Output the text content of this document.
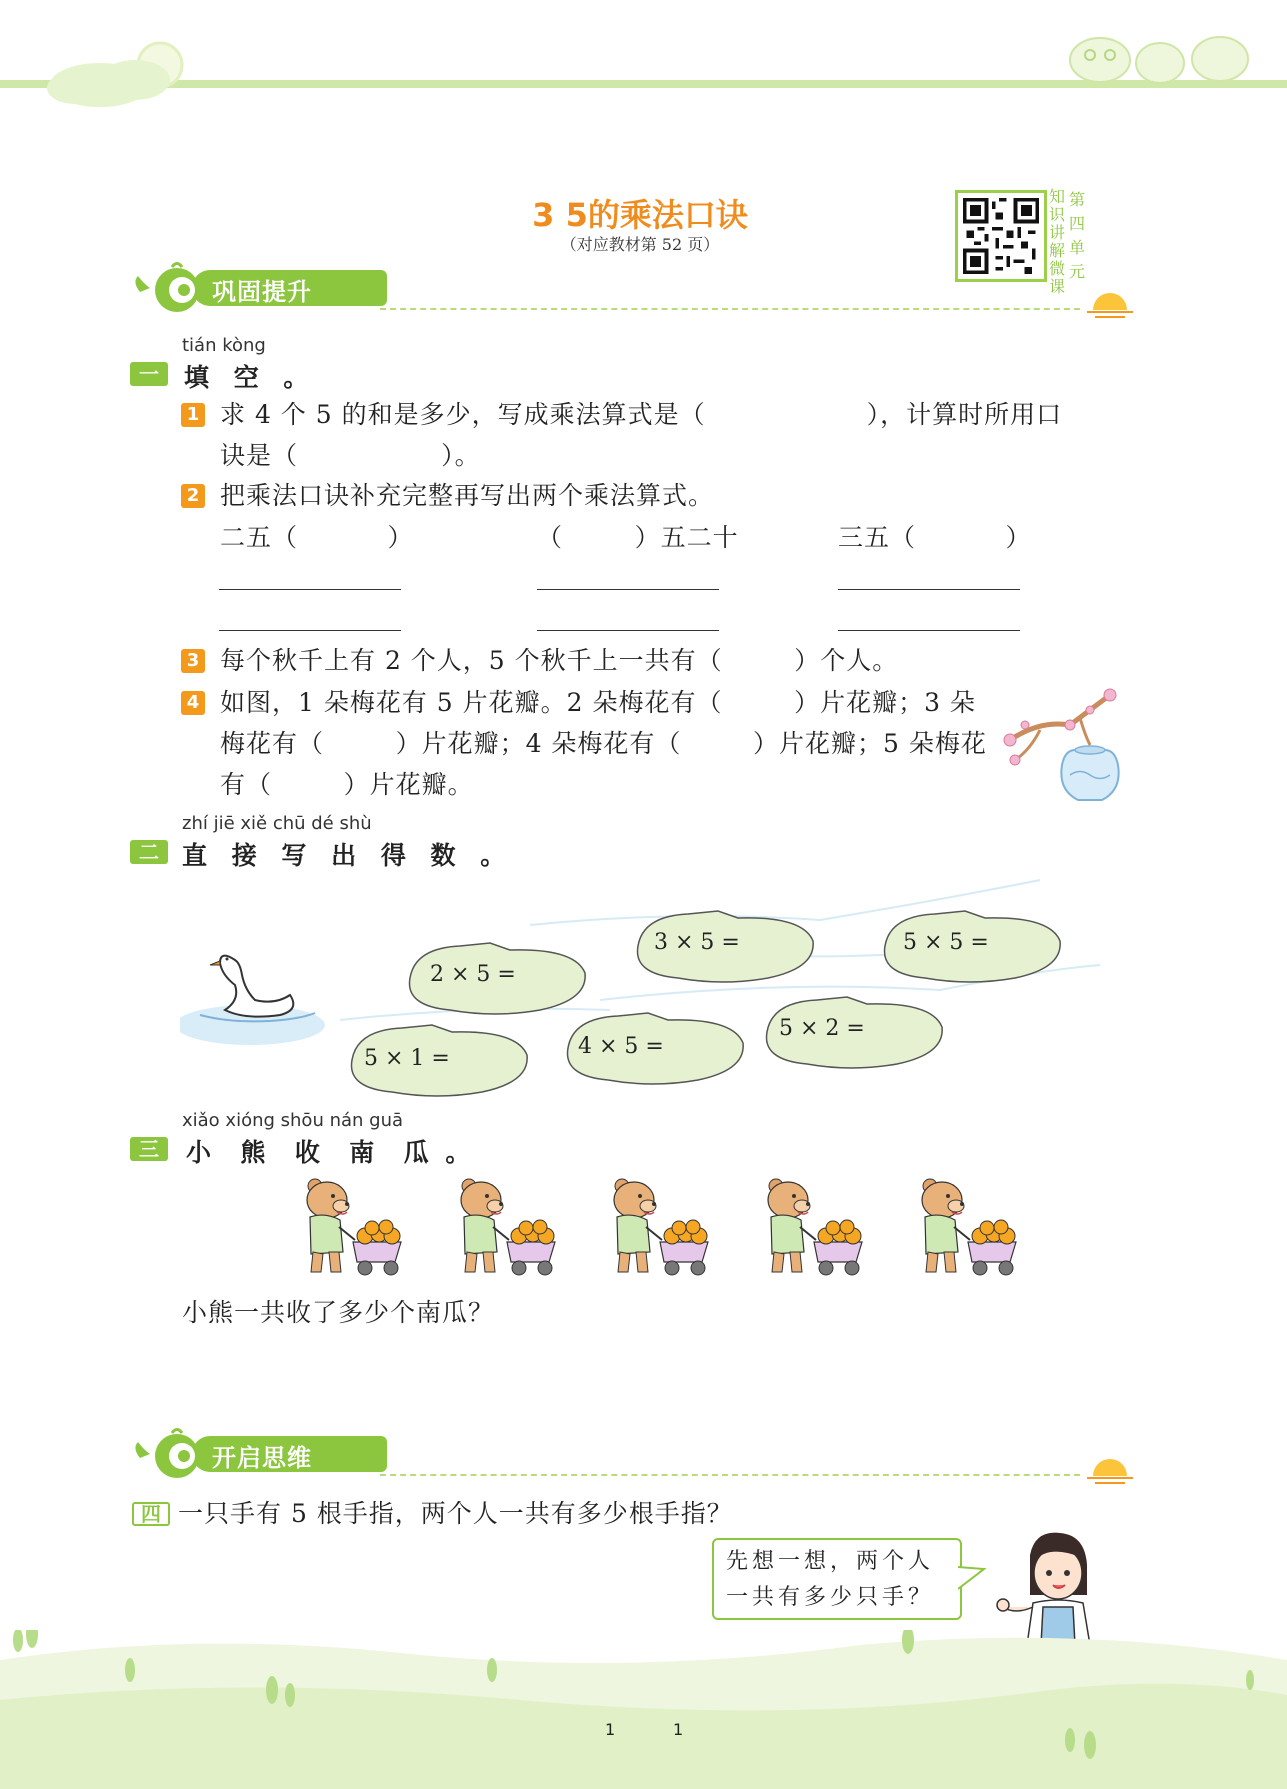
3 5的乘法口诀
（对应教材第 52 页）
知
识
讲
解
微
课
第
四
单
元
巩固提升
tián kòng
一	填 空 。
1 求 4 个 5 的和是多少，写成乘法算式是（                  ），计算时所用口
诀是（                ）。
2 把乘法口诀补充完整再写出两个乘法算式。
二五（          ）	（        ）五二十	三五（          ）
3 每个秋千上有 2 个人，5 个秋千上一共有（        ）个人。
4 如图，1 朵梅花有 5 片花瓣。2 朵梅花有（        ）片花瓣；3 朵
梅花有（        ）片花瓣；4 朵梅花有（        ）片花瓣；5 朵梅花
有（        ）片花瓣。
zhí jiē xiě chū dé shù
二 直 接 写 出 得 数 。
2 × 5 =
3 × 5 =	5 × 5 =
5 × 1 =	4 × 5 =
5 × 2 =
xiǎo xióng shōu nán guā
三	小  熊  收  南  瓜 。
小熊一共收了多少个南瓜？
开启思维
四 一只手有 5 根手指，两个人一共有多少根手指？
先想一想，两个人
一共有多少只手？
1	1
